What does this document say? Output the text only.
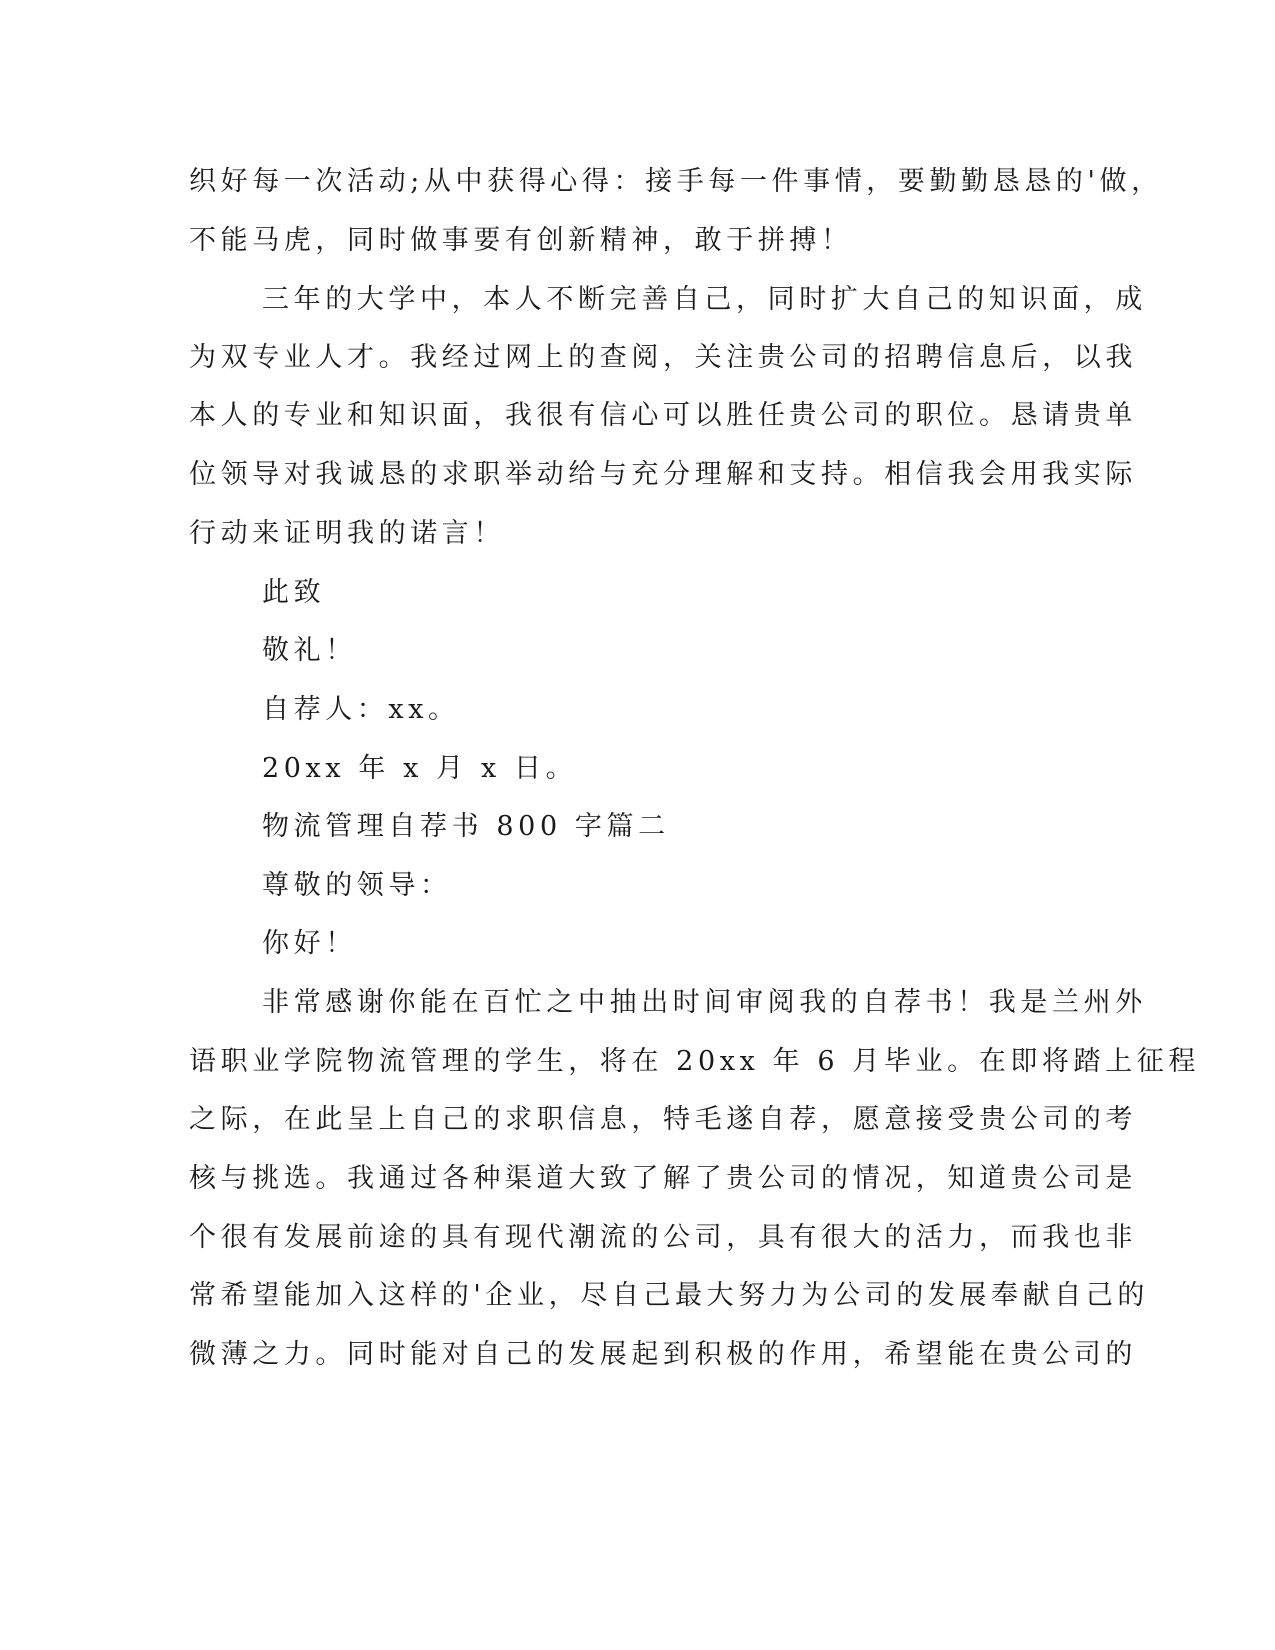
织好每一次活动;从中获得心得：接手每一件事情，要勤勤恳恳的'做，
不能马虎，同时做事要有创新精神，敢于拼搏！
三年的大学中，本人不断完善自己，同时扩大自己的知识面，成
为双专业人才。我经过网上的查阅，关注贵公司的招聘信息后，以我
本人的专业和知识面，我很有信心可以胜任贵公司的职位。恳请贵单
位领导对我诚恳的求职举动给与充分理解和支持。相信我会用我实际
行动来证明我的诺言！
此致
敬礼！
自荐人：xx。
20xx 年 x 月 x 日。
物流管理自荐书 800 字篇二
尊敬的领导：
你好！
非常感谢你能在百忙之中抽出时间审阅我的自荐书！我是兰州外
语职业学院物流管理的学生，将在 20xx 年 6 月毕业。在即将踏上征程
之际，在此呈上自己的求职信息，特毛遂自荐，愿意接受贵公司的考
核与挑选。我通过各种渠道大致了解了贵公司的情况，知道贵公司是
个很有发展前途的具有现代潮流的公司，具有很大的活力，而我也非
常希望能加入这样的'企业，尽自己最大努力为公司的发展奉献自己的
微薄之力。同时能对自己的发展起到积极的作用，希望能在贵公司的
